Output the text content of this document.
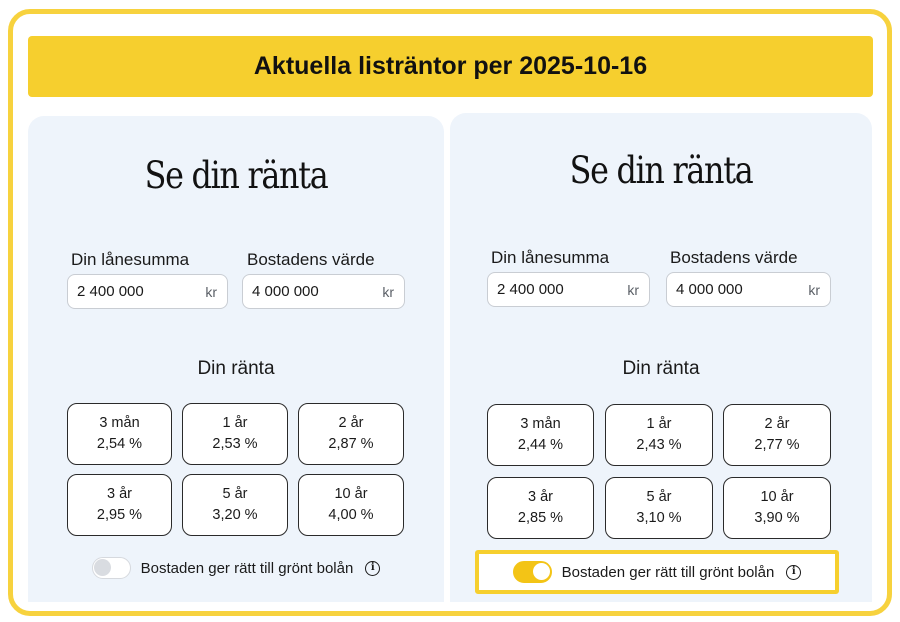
Aktuella listräntor per 2025-10-16
Se din ränta
Din lånesumma
2 400 000	kr
Bostadens värde
4 000 000	kr
Din ränta
3 mån
2,54 %
1 år
2,53 %
2 år
2,87 %
3 år
2,95 %
5 år
3,20 %
10 år
4,00 %
Bostaden ger rätt till grönt bolån	i
Se din ränta
Din lånesumma
2 400 000	kr
Bostadens värde
4 000 000	kr
Din ränta
3 mån
2,44 %
1 år
2,43 %
2 år
2,77 %
3 år
2,85 %
5 år
3,10 %
10 år
3,90 %
Bostaden ger rätt till grönt bolån	i
